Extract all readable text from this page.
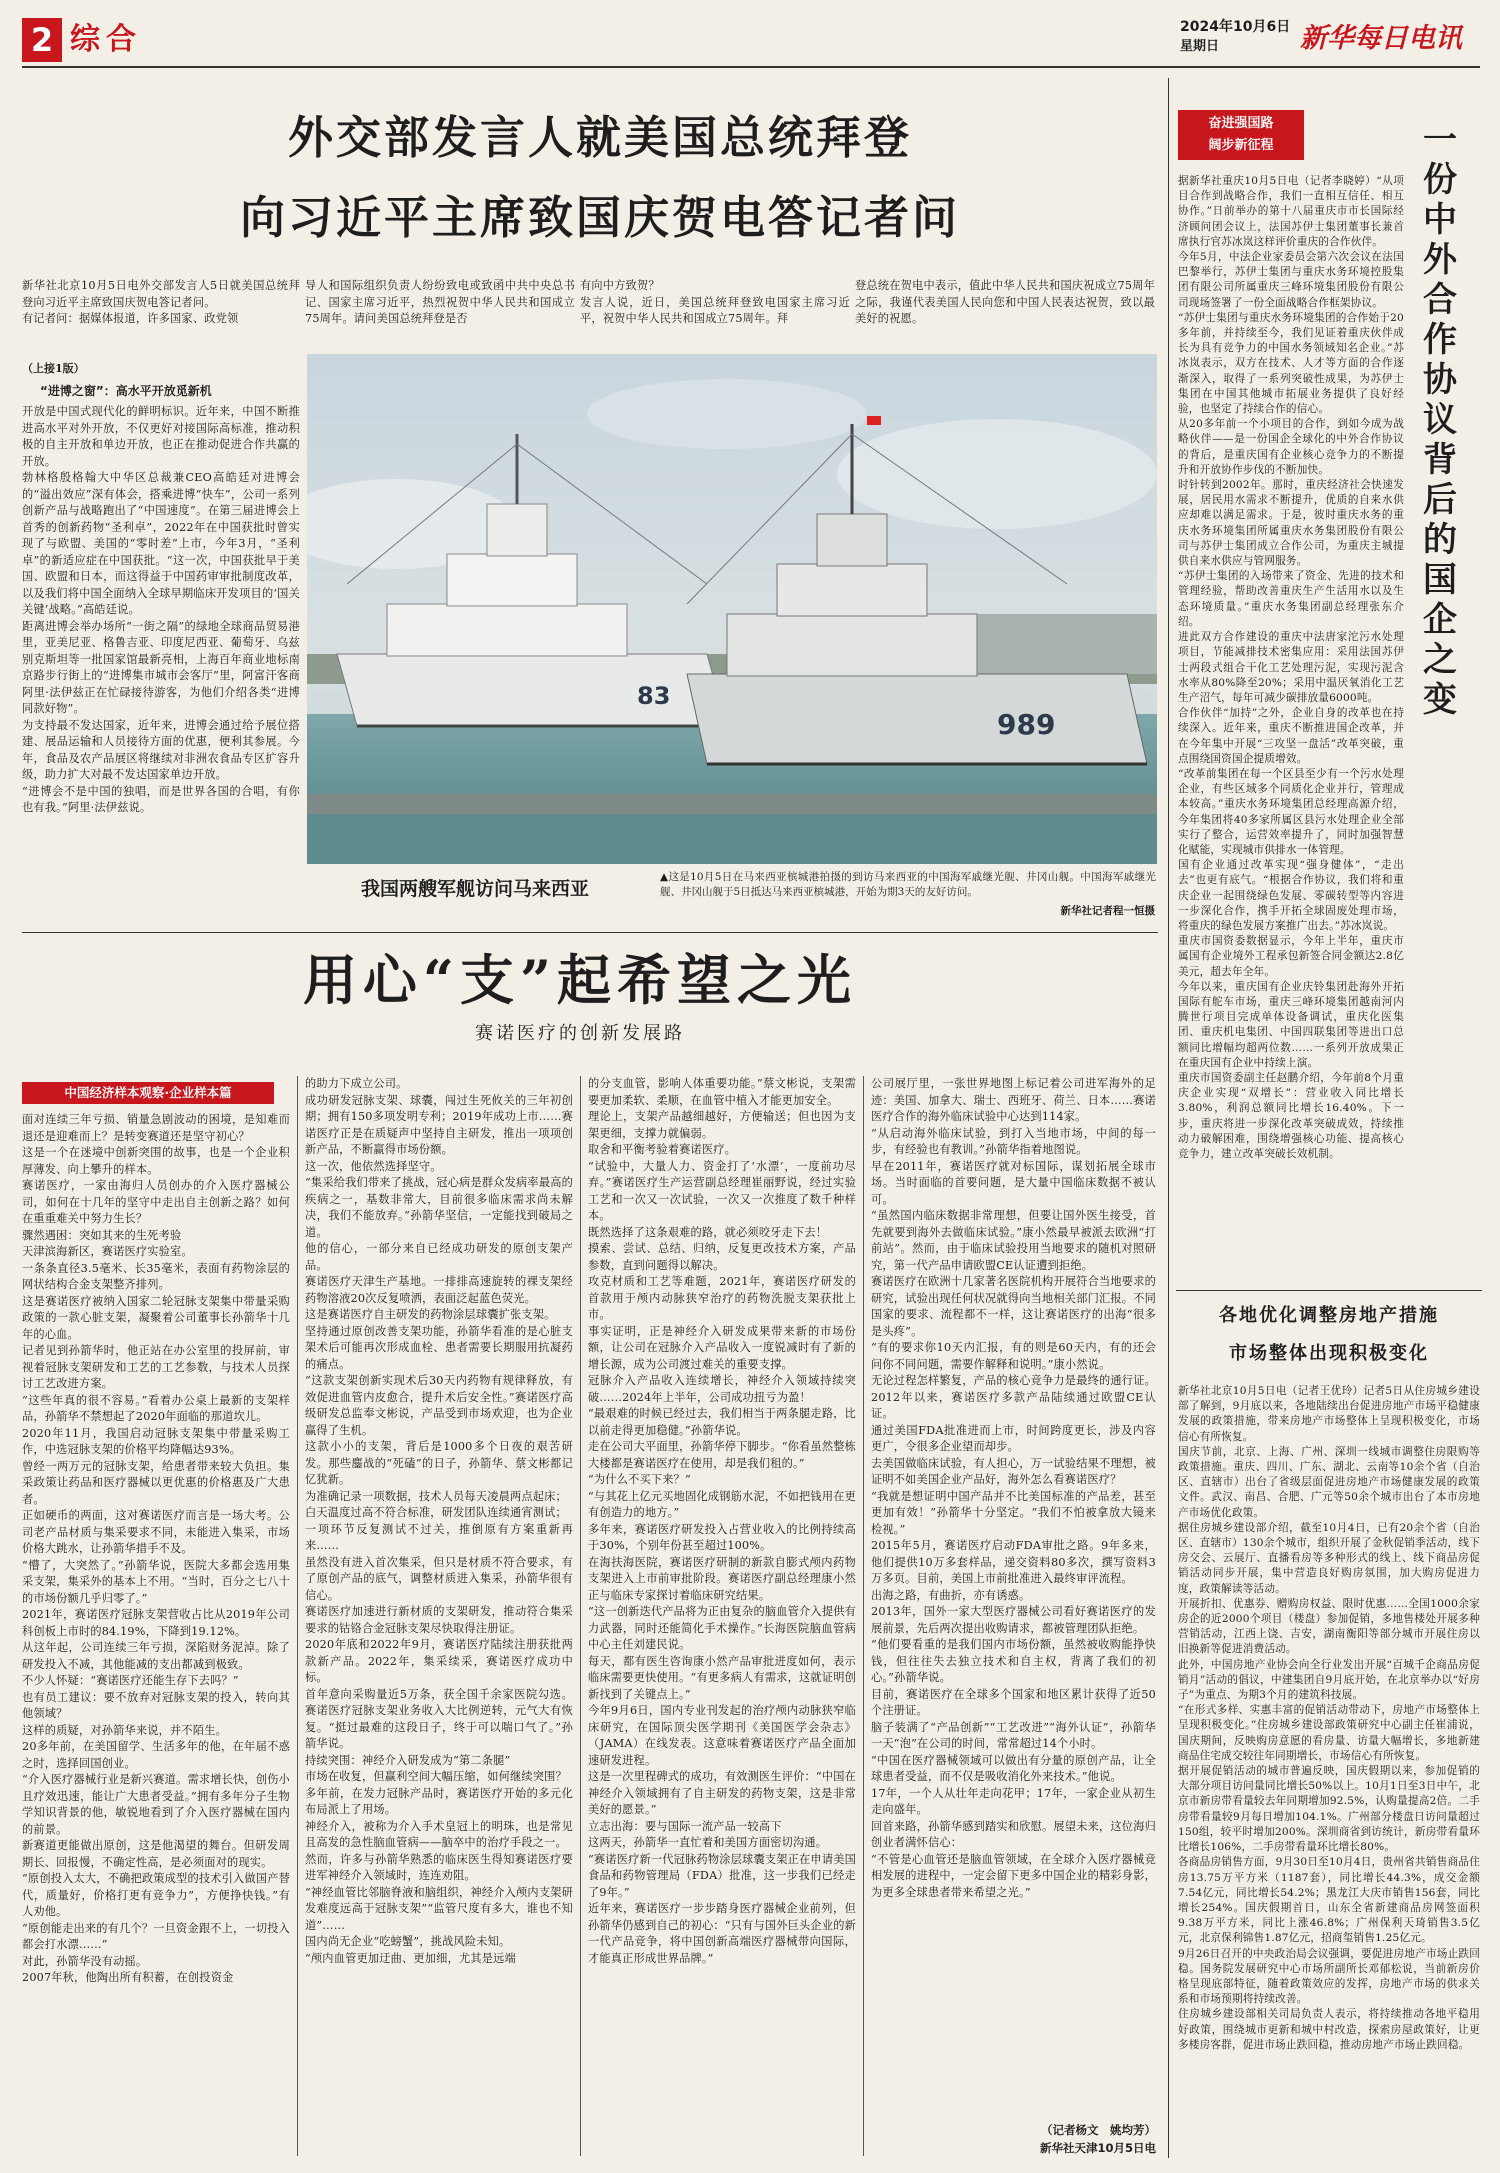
2 综合	2024年10月6日
星期日	新华每日电讯
外交部发言人就美国总统拜登
向习近平主席致国庆贺电答记者问
新华社北京10月5日电外交部发言人5日就美国总统拜登向习近平主席致国庆贺电答记者问。
有记者问：据媒体报道，许多国家、政党领
导人和国际组织负责人纷纷致电或致函中共中央总书记、国家主席习近平，热烈祝贺中华人民共和国成立75周年。请问美国总统拜登是否
有向中方致贺？
发言人说，近日，美国总统拜登致电国家主席习近平，祝贺中华人民共和国成立75周年。拜
登总统在贺电中表示，值此中华人民共和国庆祝成立75周年之际，我谨代表美国人民向您和中国人民表达祝贺，致以最美好的祝愿。
（上接1版）
“进博之窗”：高水平开放觅新机
开放是中国式现代化的鲜明标识。近年来，中国不断推进高水平对外开放，不仅更好对接国际高标准，推动积极的自主开放和单边开放，也正在推动促进合作共赢的开放。
勃林格殷格翰大中华区总裁兼CEO高皓廷对进博会的“溢出效应”深有体会，搭乘进博“快车”，公司一系列创新产品与战略跑出了“中国速度”。在第三届进博会上首秀的创新药物“圣利卓”，2022年在中国获批时曾实现了与欧盟、美国的“零时差”上市，今年3月，“圣利卓”的新适应症在中国获批。“这一次，中国获批早于美国、欧盟和日本，而这得益于中国药审审批制度改革，以及我们将中国全面纳入全球早期临床开发项目的‘国关关键’战略。”高皓廷说。
距离进博会举办场所“一街之隔”的绿地全球商品贸易港里，亚美尼亚、格鲁吉亚、印度尼西亚、葡萄牙、乌兹别克斯坦等一批国家馆最新亮相，上海百年商业地标南京路步行街上的“进博集市城市会客厅”里，阿富汗客商阿里·法伊兹正在忙碌接待游客，为他们介绍各类“进博同款好物”。
为支持最不发达国家，近年来，进博会通过给予展位搭建、展品运输和人员接待方面的优惠，便利其参展。今年，食品及农产品展区将继续对非洲农食品专区扩容升级，助力扩大对最不发达国家单边开放。
“进博会不是中国的独唱，而是世界各国的合唱，有你也有我。”阿里·法伊兹说。
83
989
我国两艘军舰访问马来西亚
▲这是10月5日在马来西亚槟城港拍摄的到访马来西亚的中国海军戚继光舰、井冈山舰。中国海军戚继光舰、井冈山舰于5日抵达马来西亚槟城港，开始为期3天的友好访问。
新华社记者程一恒摄
用心“支”起希望之光
赛诺医疗的创新发展路
中国经济样本观察·企业样本篇
面对连续三年亏损、销量急剧波动的困境，是知难而退还是迎难而上？是转变赛道还是坚守初心？
这是一个在迷境中创新突围的故事，也是一个企业积厚薄发、向上攀升的样本。
赛诺医疗，一家由海归人员创办的介入医疗器械公司，如何在十几年的坚守中走出自主创新之路？如何在重重难关中努力生长？
骤然遇困：突如其来的生死考验
天津滨海新区，赛诺医疗实验室。
一条条直径3.5毫米、长35毫米，表面有药物涂层的网状结构合金支架整齐排列。
这是赛诺医疗被纳入国家二轮冠脉支架集中带量采购政策的一款心脏支架，凝聚着公司董事长孙箭华十几年的心血。
记者见到孙箭华时，他正站在办公室里的投屏前，审视着冠脉支架研发和工艺的工艺参数，与技术人员探讨工艺改进方案。
“这些年真的很不容易。”看着办公桌上最新的支架样品，孙箭华不禁想起了2020年面临的那道坎儿。
2020年11月，我国启动冠脉支架集中带量采购工作，中选冠脉支架的价格平均降幅达93%。
曾经一两万元的冠脉支架，给患者带来较大负担。集采政策让药品和医疗器械以更优惠的价格惠及广大患者。
正如硬币的两面，这对赛诺医疗而言是一场大考。公司老产品材质与集采要求不同，未能进入集采，市场价格大跳水，让孙箭华措手不及。
“懵了，大突然了。”孙箭华说，医院大多都会选用集采支架，集采外的基本上不用。“当时，百分之七八十的市场份额几乎归零了。”
2021年，赛诺医疗冠脉支架营收占比从2019年公司科创板上市时的84.19%，下降到19.12%。
从这年起，公司连续三年亏损，深陷财务泥淖。除了研发投入不减，其他能减的支出都减到极致。
不少人怀疑：“赛诺医疗还能生存下去吗？”
也有员工建议：要不放弃对冠脉支架的投入，转向其他领域？
这样的质疑，对孙箭华来说，并不陌生。
20多年前，在美国留学、生活多年的他，在年届不惑之时，选择回国创业。
“介入医疗器械行业是新兴赛道。需求增长快，创伤小且疗效迅速，能让广大患者受益。”拥有多年分子生物学知识背景的他，敏锐地看到了介入医疗器械在国内的前景。
新赛道更能做出原创，这是他渴望的舞台。但研发周期长、回报慢，不确定性高，是必须面对的现实。
“原创投入太大，不确把政策成型的技术引入做国产替代，质量好，价格打更有竞争力”，方便挣快钱。”有人劝他。
“原创能走出来的有几个？一旦资金跟不上，一切投入都会打水漂……”
对此，孙箭华没有动摇。
2007年秋，他陶出所有积蓄，在创投资金
的助力下成立公司。
成功研发冠脉支架、球囊，闯过生死攸关的三年初创期；拥有150多项发明专利；2019年成功上市……赛诺医疗正是在质疑声中坚持自主研发，推出一项项创新产品，不断赢得市场份额。
这一次，他依然选择坚守。
“集采给我们带来了挑战，冠心病是群众发病率最高的疾病之一，基数非常大，目前很多临床需求尚未解决，我们不能放弃。”孙箭华坚信，一定能找到破局之道。
他的信心，一部分来自已经成功研发的原创支架产品。
赛诺医疗天津生产基地。一排排高速旋转的裸支架经药物溶液20次反复喷洒，表面泛起蓝色荧光。
这是赛诺医疗自主研发的药物涂层球囊扩张支架。
坚持通过原创改善支架功能，孙箭华看准的是心脏支架术后可能再次形成血栓、患者需要长期服用抗凝药的痛点。
“这款支架创新实现术后30天内药物有规律释放，有效促进血管内皮愈合，提升术后安全性。”赛诺医疗高级研发总监奉文彬说，产品受到市场欢迎，也为企业赢得了生机。
这款小小的支架，背后是1000多个日夜的艰苦研发。那些鏖战的“死磕”的日子，孙箭华、蔡文彬都记忆犹新。
为准确记录一项数据，技术人员每天凌晨两点起床；
白天温度过高不符合标准，研发团队连续通宵测试；
一项环节反复测试不过关，推倒原有方案重新再来……
虽然没有进入首次集采，但只是材质不符合要求，有了原创产品的底气，调整材质进入集采，孙箭华很有信心。
赛诺医疗加速进行新材质的支架研发，推动符合集采要求的钴铬合金冠脉支架尽快取得注册证。
2020年底和2022年9月，赛诺医疗陆续注册获批两款新产品。2022年，集采续采，赛诺医疗成功中标。
首年意向采购量近5万条，获全国千余家医院勾选。赛诺医疗冠脉支架业务收入大比例逆转，元气大有恢复。“挺过最难的这段日子，终于可以喘口气了。”孙箭华说。
持续突围：神经介入研发成为“第二条腿”
市场在收复，但赢利空间大幅压缩，如何继续突围？
多年前，在发力冠脉产品时，赛诺医疗开始的多元化布局派上了用场。
神经介入，被称为介入手术皇冠上的明珠，也是常见且高发的急性脑血管病——脑卒中的治疗手段之一。
然而，许多与孙箭华熟悉的临床医生得知赛诺医疗要进军神经介入领域时，连连劝阻。
“神经血管比邻脑脊液和脑组织，神经介入颅内支架研发难度远高于冠脉支架”“监管尺度有多大，谁也不知道”……
国内尚无企业“吃螃蟹”，挑战风险未知。
“颅内血管更加迂曲、更加细，尤其是远端
的分支血管，影响人体重要功能。”蔡文彬说，支架需要更加柔软、柔顺，在血管中植入才能更加安全。
理论上，支架产品越细越好，方便输送；但也因为支架更细，支撑力就偏弱。
取舍和平衡考验着赛诺医疗。
“试验中，大量人力、资金打了‘水漂’，一度前功尽弃。”赛诺医疗生产运营副总经理崔丽野说，经过实验工艺和一次又一次试验，一次又一次推度了数千种样本。
既然选择了这条艰难的路，就必须咬牙走下去！
摸索、尝试、总结、归纳，反复更改技术方案，产品参数，直到问题得以解决。
攻克材质和工艺等难题，2021年，赛诺医疗研发的首款用于颅内动脉狭窄治疗的药物洗脱支架获批上市。
事实证明，正是神经介入研发成果带来新的市场份额，让公司在冠脉介入产品收入一度锐减时有了新的增长源，成为公司渡过难关的重要支撑。
冠脉介入产品收入连续增长，神经介入领域持续突破……2024年上半年，公司成功扭亏为盈！
“最艰难的时候已经过去，我们相当于两条腿走路，比以前走得更加稳健。”孙箭华说。
走在公司大平面里，孙箭华停下脚步。“你看虽然整栋大楼都是赛诺医疗在使用，却是我们租的。”
“为什么不买下来？”
“与其花上亿元买地固化成钢筋水泥，不如把钱用在更有创造力的地方。”
多年来，赛诺医疗研发投入占营业收入的比例持续高于30%，个别年份甚至超过100%。
在海扶海医院，赛诺医疗研制的新款自膨式颅内药物支架进入上市前审批阶段。赛诺医疗副总经理康小然正与临床专家探讨着临床研究结果。
“这一创新迭代产品将为正由复杂的脑血管介入提供有力武器，同时还能简化手术操作。”长海医院脑血管病中心主任刘建民说。
每天，都有医生咨询康小然产品审批进度如何，表示临床需要更快使用。“有更多病人有需求，这就证明创新找到了关键点上。”
今年9月6日，国内专业刊发起的治疗颅内动脉狭窄临床研究，在国际顶尖医学期刊《美国医学会杂志》（JAMA）在线发表。这意味着赛诺医疗产品全面加速研发进程。
这是一次里程碑式的成功，有效测医生评价：“中国在神经介入领域拥有了自主研发的药物支架，这是非常美好的愿景。”
立志出海：要与国际一流产品一较高下
这两天，孙箭华一直忙着和美国方面密切沟通。
“赛诺医疗新一代冠脉药物涂层球囊支架正在申请美国食品和药物管理局（FDA）批准，这一步我们已经走了9年。”
近年来，赛诺医疗一步步踏身医疗器械企业前列，但孙箭华仍感到自己的初心：“只有与国外巨头企业的新一代产品竞争，将中国创新高端医疗器械带向国际，才能真正形成世界品牌。”
公司展厅里，一张世界地图上标记着公司进军海外的足迹：美国、加拿大、瑞士、西班牙、荷兰、日本……赛诺医疗合作的海外临床试验中心达到114家。
“从启动海外临床试验，到打入当地市场，中间的每一步，有经验也有教训。”孙箭华指着地图说。
早在2011年，赛诺医疗就对标国际，谋划拓展全球市场。当时面临的首要问题，是大量中国临床数据不被认可。
“虽然国内临床数据非常理想，但要让国外医生接受，首先就要到海外去做临床试验。”康小然最早被派去欧洲“打前站”。然而，由于临床试验投用当地要求的随机对照研究，第一代产品申请欧盟CE认证遭到拒绝。
赛诺医疗在欧洲十几家著名医院机构开展符合当地要求的研究，试验出现任何状况就得向当地相关部门汇报。不同国家的要求、流程都不一样，这让赛诺医疗的出海“很多是头疼”。
“有的要求你10天内汇报，有的则是60天内，有的还会问你不同问题，需要作解释和说明。”康小然说。
无论过程怎样繁复，产品的核心竞争力是最终的通行证。2012年以来，赛诺医疗多款产品陆续通过欧盟CE认证。
通过美国FDA批准进而上市，时间跨度更长，涉及内容更广，令很多企业望而却步。
去美国做临床试验，有人担心，万一试验结果不理想，被证明不如美国企业产品好，海外怎么看赛诺医疗？
“我就是想证明中国产品并不比美国标准的产品差，甚至更加有效！”孙箭华十分坚定。“我们不怕被拿放大镜来检视。”
2015年5月，赛诺医疗启动FDA审批之路。9年多来，他们提供10万多套样品，递交资料80多次，撰写资料3万多页。目前，美国上市前批准进入最终审评流程。
出海之路，有曲折，亦有诱惑。
2013年，国外一家大型医疗器械公司看好赛诺医疗的发展前景，先后两次提出收购请求，都被管理团队拒绝。
“他们要看重的是我们国内市场份额，虽然被收购能挣快钱，但往往失去独立技术和自主权，背离了我们的初心。”孙箭华说。
目前，赛诺医疗在全球多个国家和地区累计获得了近50个注册证。
脑子装满了“产品创新”“工艺改进”“海外认证”，孙箭华一天“泡”在公司的时间，常常超过14个小时。
“中国在医疗器械领域可以做出有分量的原创产品，让全球患者受益，而不仅是吸收消化外来技术。”他说。
17年，一个人从壮年走向花甲；17年，一家企业从初生走向盛年。
回首来路，孙箭华感到踏实和欣慰。展望未来，这位海归创业者满怀信心：
“不管是心血管还是脑血管领域，在全球介入医疗器械竞相发展的进程中，一定会留下更多中国企业的精彩身影，为更多全球患者带来希望之光。”
（记者杨文　姚均芳）
新华社天津10月5日电
奋进强国路
阔步新征程	一份中外合作协议背后的国企之变
据新华社重庆10月5日电（记者李晓婷）“从项目合作到战略合作，我们一直相互信任、相互协作。”日前举办的第十八届重庆市市长国际经济顾问团会议上，法国苏伊士集团董事长兼首席执行官苏冰岚这样评价重庆的合作伙伴。
今年5月，中法企业家委员会第六次会议在法国巴黎举行，苏伊士集团与重庆水务环境控股集团有限公司所属重庆三峰环境集团股份有限公司现场签署了一份全面战略合作框架协议。
“苏伊士集团与重庆水务环境集团的合作始于20多年前，并持续至今，我们见证着重庆伙伴成长为具有竞争力的中国水务领域知名企业。”苏冰岚表示，双方在技术、人才等方面的合作逐渐深入，取得了一系列突破性成果，为苏伊士集团在中国其他城市拓展业务提供了良好经验，也坚定了持续合作的信心。
从20多年前一个小项目的合作，到如今成为战略伙伴——是一份国企全球化的中外合作协议的背后，是重庆国有企业核心竞争力的不断提升和开放协作步伐的不断加快。
时针转到2002年。那时，重庆经济社会快速发展，居民用水需求不断提升，优质的自来水供应却难以满足需求。于是，彼时重庆水务的重庆水务环境集团所属重庆水务集团股份有限公司与苏伊士集团成立合作公司，为重庆主城提供自来水供应与管网服务。
“苏伊士集团的入场带来了资金、先进的技术和管理经验，帮助改善重庆生产生活用水以及生态环境质量。”重庆水务集团副总经理张东介绍。
进此双方合作建设的重庆中法唐家沱污水处理项目，节能减排技术密集应用：采用法国苏伊士两段式组合干化工艺处理污泥，实现污泥含水率从80%降至20%；采用中温厌氧消化工艺生产沼气，每年可减少碳排放量6000吨。
合作伙伴“加持”之外，企业自身的改革也在持续深入。近年来，重庆不断推进国企改革，并在今年集中开展“三攻坚一盘活”改革突破，重点围绕国资国企提质增效。
“改革前集团在每一个区县至少有一个污水处理企业，有些区域多个同质化企业并行，管理成本较高。”重庆水务环境集团总经理高源介绍，今年集团将40多家所属区县污水处理企业全部实行了整合，运营效率提升了，同时加强智慧化赋能，实现城市供排水一体管理。
国有企业通过改革实现“强身健体”，“走出去”也更有底气。“根据合作协议，我们将和重庆企业一起围绕绿色发展、零碳转型等内容进一步深化合作，携手开拓全球固废处理市场，将重庆的绿色发展方案推广出去。”苏冰岚说。
重庆市国资委数据显示，今年上半年，重庆市属国有企业境外工程承包新签合同金额达2.8亿美元，超去年全年。
今年以来，重庆国有企业庆铃集团赴海外开拓国际有舵车市场，重庆三峰环境集团越南河内腾世行项目完成单体设备调试，重庆化医集团、重庆机电集团、中国四联集团等进出口总额同比增幅均超两位数……一系列开放成果正在重庆国有企业中持续上演。
重庆市国资委副主任赵鹏介绍，今年前8个月重庆企业实现“双增长”：营业收入同比增长3.80%，利润总额同比增长16.40%。下一步，重庆将进一步深化改革突破成效，持续推动力破解困难，围绕增强核心功能、提高核心竞争力，建立改革突破长效机制。
各地优化调整房地产措施
市场整体出现积极变化
新华社北京10月5日电（记者王优玲）记者5日从住房城乡建设部了解到，9月底以来，各地陆续出台促进房地产市场平稳健康发展的政策措施，带来房地产市场整体上呈现积极变化，市场信心有所恢复。
国庆节前，北京、上海、广州、深圳一线城市调整住房限购等政策措施。重庆、四川、广东、湖北、云南等10余个省（自治区、直辖市）出台了省级层面促进房地产市场健康发展的政策文件。武汉、南昌、合肥、广元等50余个城市出台了本市房地产市场优化政策。
据住房城乡建设部介绍，截至10月4日，已有20余个省（自治区、直辖市）130余个城市，组织开展了金秋促销季活动，线下房交会、云展厅、直播看房等多种形式的线上、线下商品房促销活动同步开展，集中营造良好购房氛围，加大购房促进力度，政策解读等活动。
开展折扣、优惠券、赠购房权益、限时优惠……全国1000余家房企的近2000个项目（楼盘）参加促销，多地售楼处开展多种营销活动，江西上饶、吉安，湖南衡阳等部分城市开展住房以旧换新等促进消费活动。
此外，中国房地产业协会向全行业发出开展“百城千企商品房促销月”活动的倡议，中建集团自9月底开始，在北京举办以“好房子”为重点、为期3个月的建筑科技展。
“在形式多样、实惠丰富的促销活动带动下，房地产市场整体上呈现积极变化。”住房城乡建设部政策研究中心副主任崔浦说，国庆期间，反映购房意愿的看房量、访量大幅增长，多地新建商品住宅成交较往年同期增长，市场信心有所恢复。
据开展促销活动的城市普遍反映，国庆假期以来，参加促销的大部分项目访问量同比增长50%以上。10月1日至3日中午，北京市新房带看量较去年同期增加92.5%，认购量提高2倍。二手房带看量较9月每日增加104.1%。广州部分楼盘日访问量超过150组，较平时增加200%。深圳商省到访统计，新房带看量环比增长106%，二手房带看量环比增长80%。
各商品房销售方面，9月30日至10月4日，贵州省共销售商品住房13.75万平方米（1187套），同比增长44.3%，成交金额7.54亿元，同比增长54.2%；黑龙江大庆市销售156套，同比增长254%。国庆假期首日，山东全省新建商品房网签面积9.38万平方米，同比上涨46.8%；广州保利天琦销售3.5亿元，北京保利锦售1.87亿元，招商玺销售1.25亿元。
9月26日召开的中央政治局会议强调，要促进房地产市场止跌回稳。国务院发展研究中心市场所副所长邓郁松说，当前新房价格呈现底部特征，随着政策效应的发挥，房地产市场的供求关系和市场预期将持续改善。
住房城乡建设部相关司局负责人表示，将持续推动各地平稳用好政策，围绕城市更新和城中村改造，探索房屋政策好，让更多楼房客群，促进市场止跌回稳，推动房地产市场止跌回稳。
